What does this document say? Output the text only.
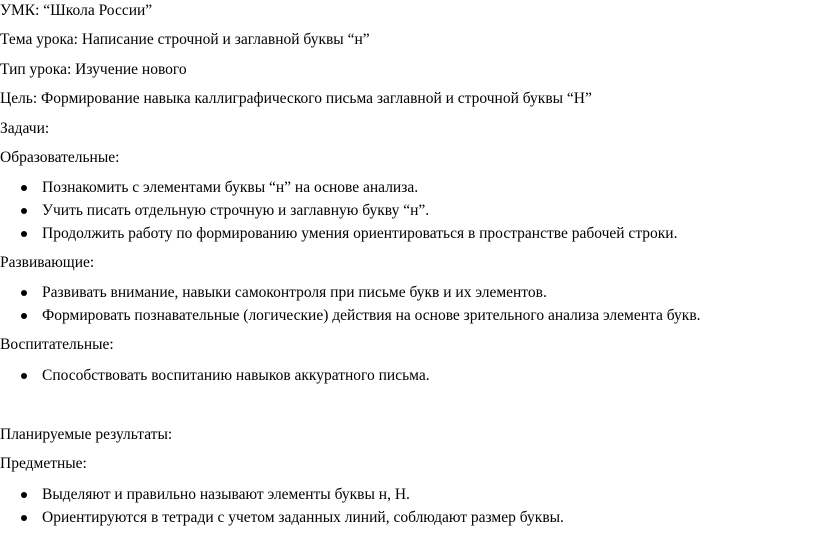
УМК: “Школа России”
Тема урока: Написание строчной и заглавной буквы “н”
Тип урока: Изучение нового
Цель: Формирование навыка каллиграфического письма заглавной и строчной буквы “Н”
Задачи:
Образовательные:
Познакомить с элементами буквы “н” на основе анализа.
Учить писать отдельную строчную и заглавную букву “н”.
Продолжить работу по формированию умения ориентироваться в пространстве рабочей строки.
Развивающие:
Развивать внимание, навыки самоконтроля при письме букв и их элементов.
Формировать познавательные (логические) действия на основе зрительного анализа элемента букв.
Воспитательные:
Способствовать воспитанию навыков аккуратного письма.
Планируемые результаты:
Предметные:
Выделяют и правильно называют элементы буквы н, Н.
Ориентируются в тетради с учетом заданных линий, соблюдают размер буквы.
